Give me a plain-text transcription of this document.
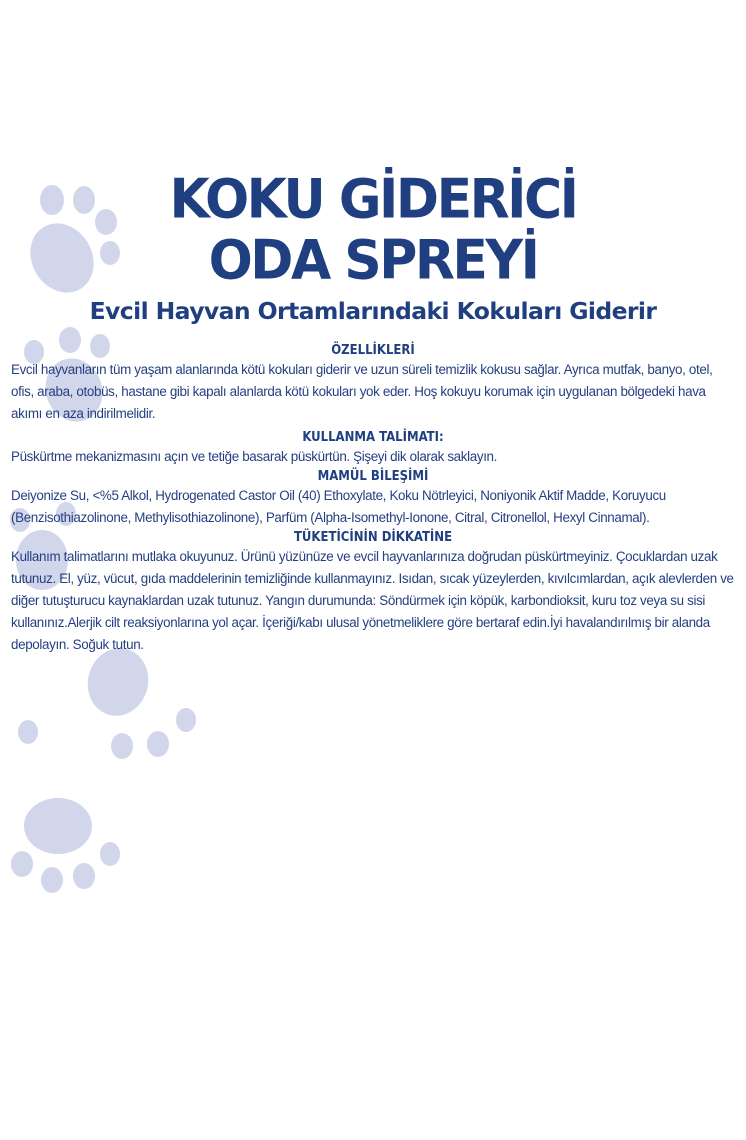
KOKU GİDERİCİ
ODA SPREYİ
Evcil Hayvan Ortamlarındaki Kokuları Giderir
ÖZELLİKLERİ

Evcil hayvanların tüm yaşam alanlarında kötü kokuları giderir ve uzun süreli temizlik kokusu sağlar. Ayrıca mutfak, banyo, otel, ofis, araba, otobüs, hastane gibi kapalı alanlarda kötü kokuları yok eder. Hoş kokuyu korumak için uygulanan bölgedeki hava akımı en aza indirilmelidir.

KULLANMA TALİMATI:

Püskürtme mekanizmasını açın ve tetiğe basarak püskürtün. Şişeyi dik olarak saklayın.

MAMÜL BİLEŞİMİ

Deiyonize Su, <%5 Alkol, Hydrogenated Castor Oil (40) Ethoxylate, Koku Nötrleyici, Noniyonik Aktif Madde, Koruyucu (Benzisothiazolinone, Methylisothiazolinone), Parfüm (Alpha-Isomethyl-Ionone, Citral, Citronellol, Hexyl Cinnamal).

TÜKETİCİNİN DİKKATİNE

Kullanım talimatlarını mutlaka okuyunuz. Ürünü yüzünüze ve evcil hayvanlarınıza doğrudan püskürtmeyiniz. Çocuklardan uzak tutunuz. El, yüz, vücut, gıda maddelerinin temizliğinde kullanmayınız. Isıdan, sıcak yüzeylerden, kıvılcımlardan, açık alevlerden ve diğer tutuşturucu kaynaklardan uzak tutunuz. Yangın durumunda: Söndürmek için köpük, karbondioksit, kuru toz veya su sisi kullanınız.Alerjik cilt reaksiyonlarına yol açar. İçeriği/kabı ulusal yönetmeliklere göre bertaraf edin.İyi havalandırılmış bir alanda depolayın. Soğuk tutun.
